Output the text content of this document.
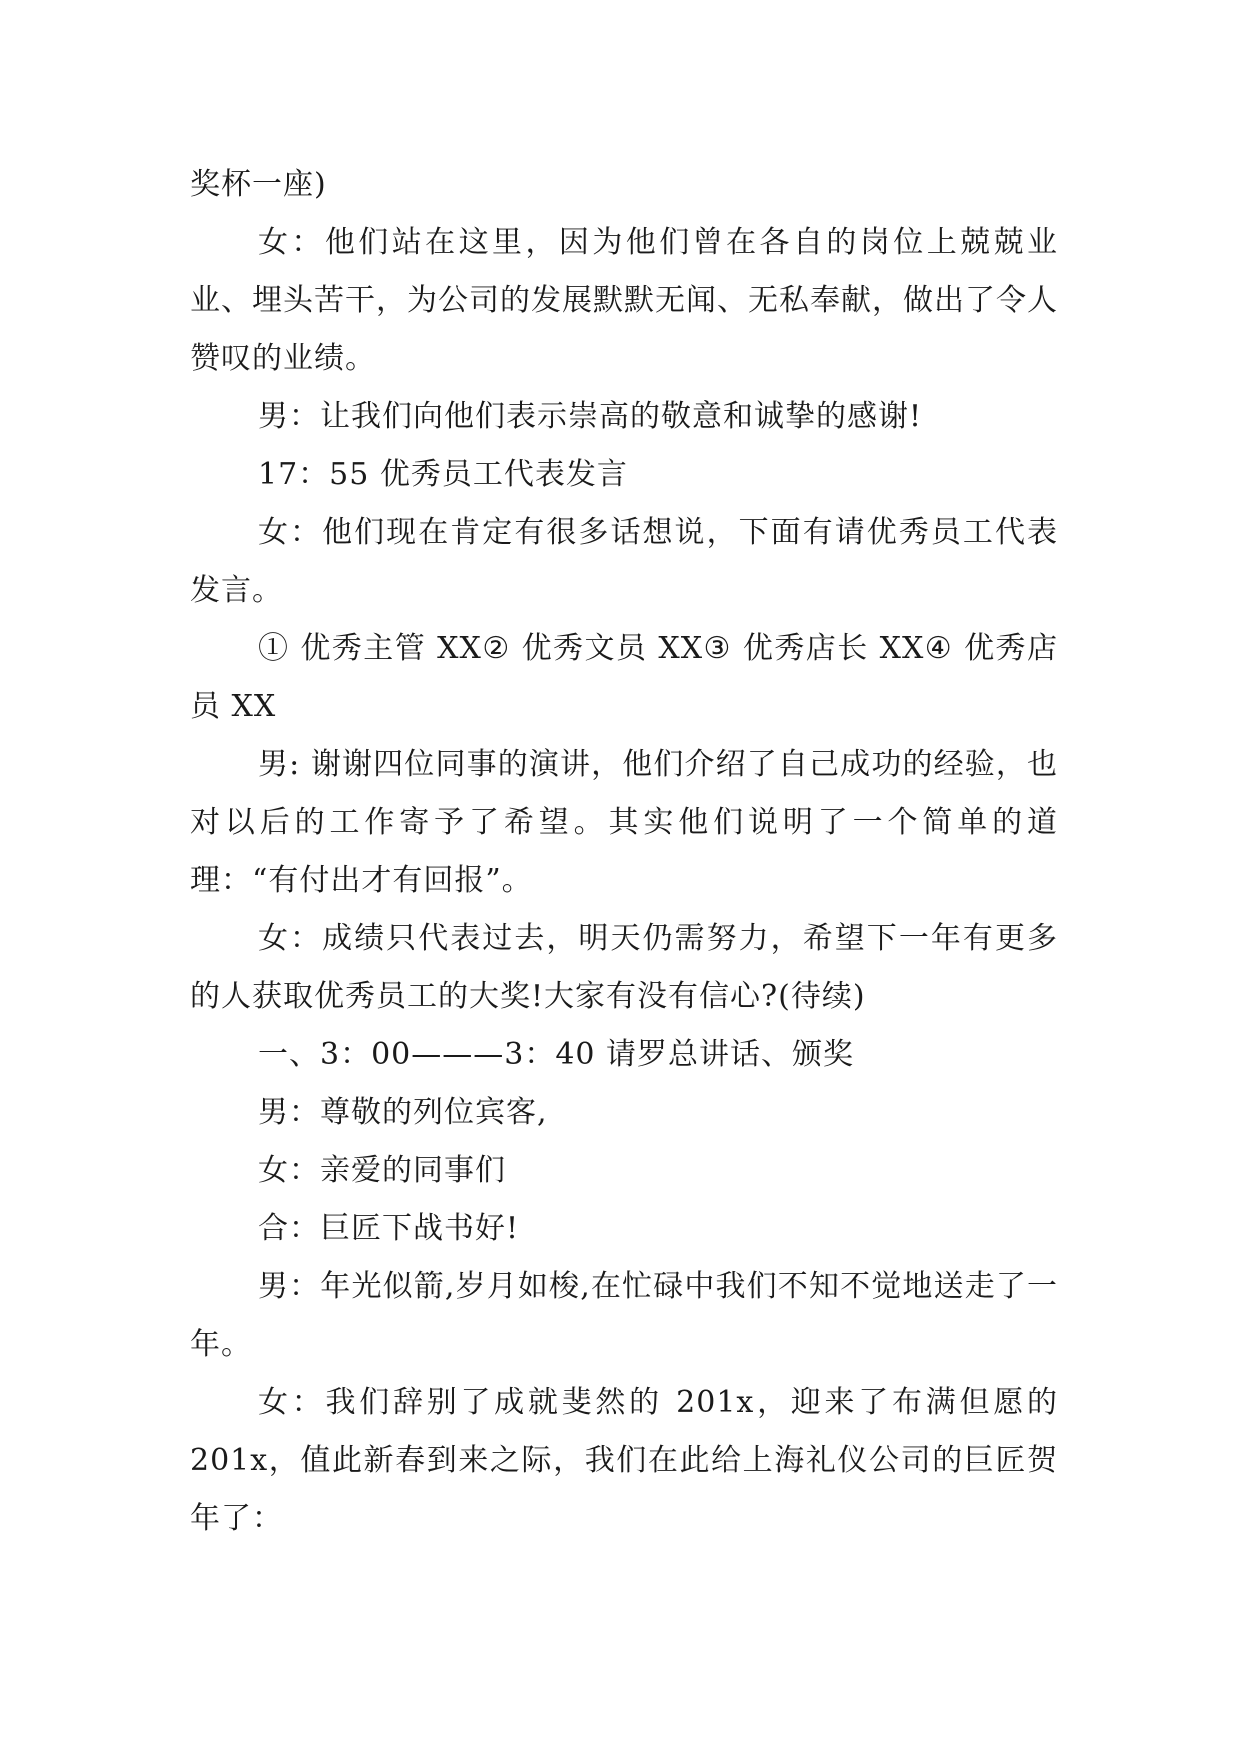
奖杯一座)

女：他们站在这里，因为他们曾在各自的岗位上兢兢业业、埋头苦干，为公司的发展默默无闻、无私奉献，做出了令人赞叹的业绩。

男：让我们向他们表示崇高的敬意和诚挚的感谢!

17：55 优秀员工代表发言

女：他们现在肯定有很多话想说，下面有请优秀员工代表发言。

① 优秀主管 XX② 优秀文员 XX③ 优秀店长 XX④ 优秀店员 XX

男: 谢谢四位同事的演讲，他们介绍了自己成功的经验，也对以后的工作寄予了希望。其实他们说明了一个简单的道理：“有付出才有回报”。

女：成绩只代表过去，明天仍需努力，希望下一年有更多的人获取优秀员工的大奖!大家有没有信心?(待续)

一、3：00———3：40 请罗总讲话、颁奖

男：尊敬的列位宾客,

女：亲爱的同事们

合：巨匠下战书好!

男：年光似箭,岁月如梭,在忙碌中我们不知不觉地送走了一年。

女：我们辞别了成就斐然的 201x，迎来了布满但愿的 201x，值此新春到来之际，我们在此给上海礼仪公司的巨匠贺年了：
